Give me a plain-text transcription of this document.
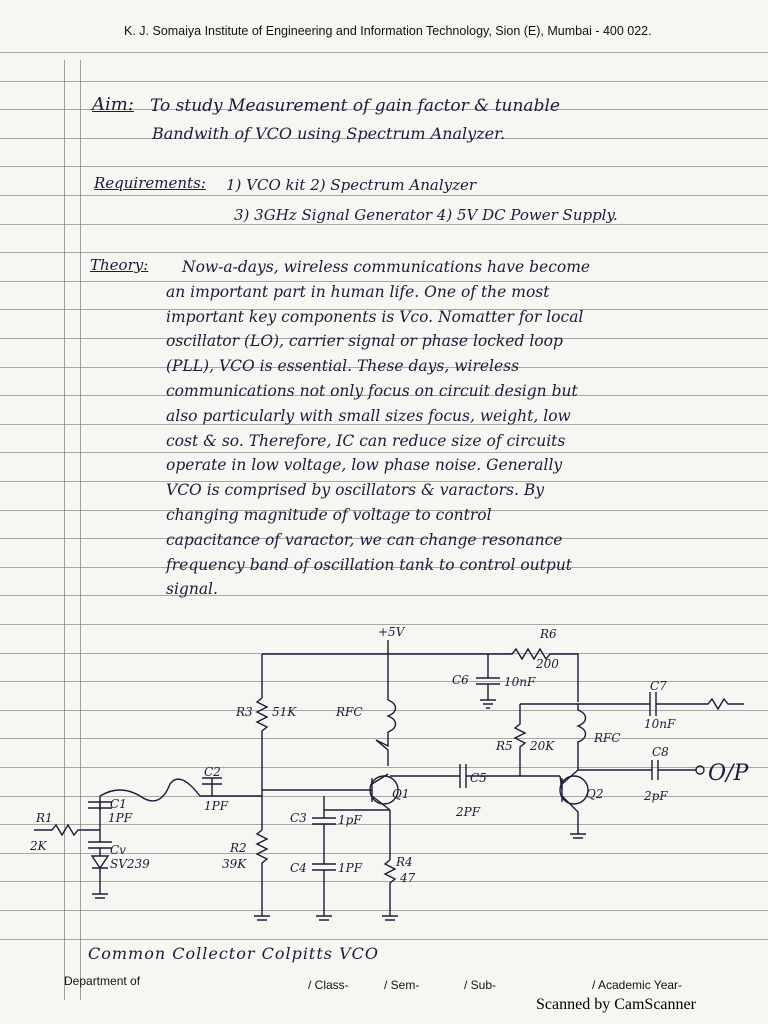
K. J. Somaiya Institute of Engineering and Information Technology, Sion (E), Mumbai - 400 022.
Aim: To study Measurement of gain factor & tunable
Bandwith of VCO using Spectrum Analyzer.
Requirements: 1) VCO kit 2) Spectrum Analyzer
3) 3GHz Signal Generator 4) 5V DC Power Supply.
Theory: Now-a-days, wireless communications have become
an important part in human life. One of the most
important key components is Vco. Nomatter for local
oscillator (LO), carrier signal or phase locked loop
(PLL), VCO is essential. These days, wireless
communications not only focus on circuit design but
also particularly with small sizes focus, weight, low
cost & so. Therefore, IC can reduce size of circuits
operate in low voltage, low phase noise. Generally
VCO is comprised by oscillators & varactors. By
changing magnitude of voltage to control
capacitance of varactor, we can change resonance
frequency band of oscillation tank to control output
signal.
+5V	R6
200
C6	10nF	C7
10nF
R3 51K	RFC
RFC
R5 20K
C2
1PF
C5
2PF
C8
2pF
O/P
Q1	Q2
R1
2K
C1
1PF
Cv
SV239
C3	1pF
C4	1PF
R2
39K	R4
47
Common Collector Colpitts VCO
Department of	/ Class-	/ Sem-	/ Sub-	/ Academic Year-
Scanned by CamScanner
